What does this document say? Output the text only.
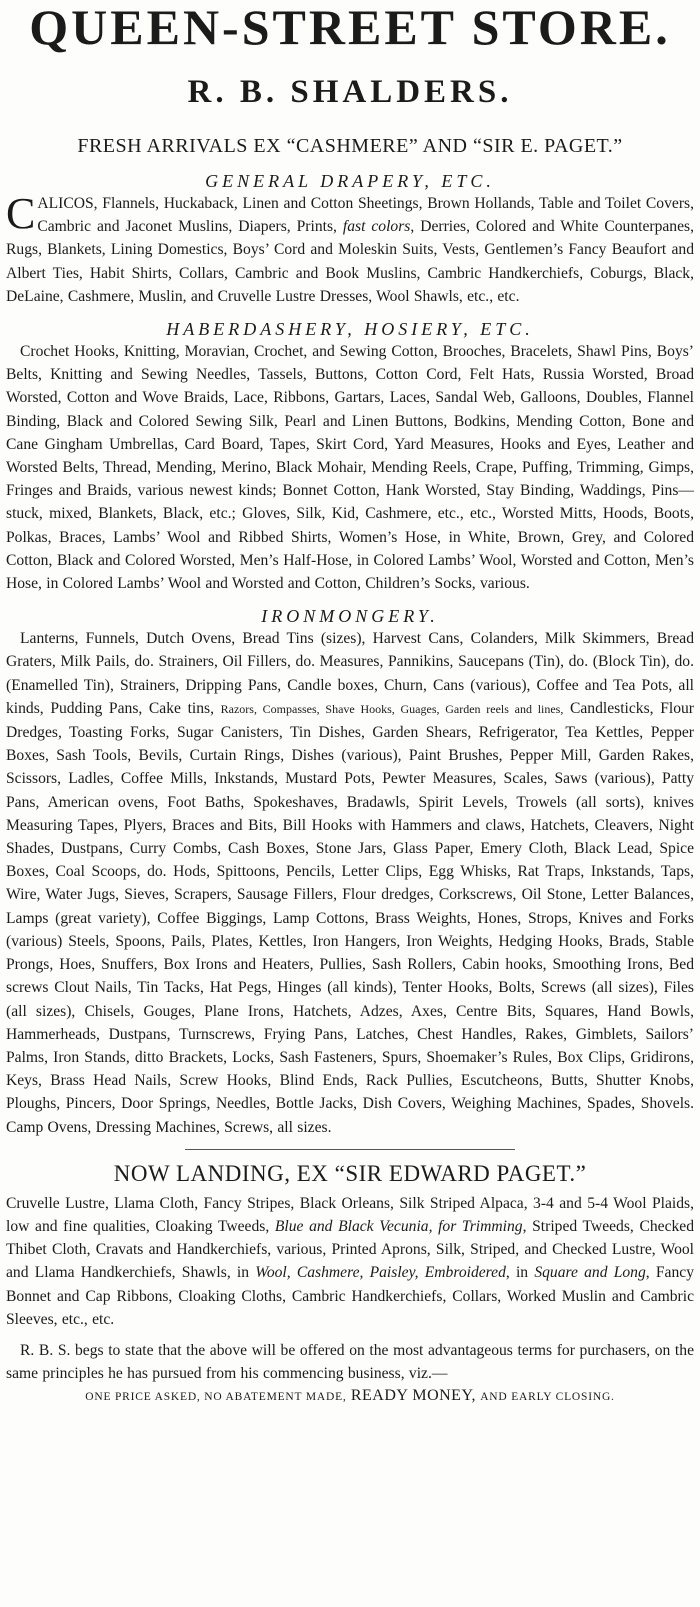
QUEEN-STREET STORE.
R. B. SHALDERS.
FRESH ARRIVALS EX “CASHMERE” AND “SIR E. PAGET.”
GENERAL DRAPERY, ETC.

CALICOS, Flannels, Huckaback, Linen and Cotton Sheetings, Brown Hollands, Table and Toilet Covers, Cambric and Jaconet Muslins, Diapers, Prints, fast colors, Derries, Colored and White Counterpanes, Rugs, Blankets, Lining Domestics, Boys’ Cord and Moleskin Suits, Vests, Gentlemen’s Fancy Beaufort and Albert Ties, Habit Shirts, Collars, Cambric and Book Muslins, Cambric Handkerchiefs, Coburgs, Black, DeLaine, Cashmere, Muslin, and Cruvelle Lustre Dresses, Wool Shawls, etc., etc.

HABERDASHERY, HOSIERY, ETC.

Crochet Hooks, Knitting, Moravian, Crochet, and Sewing Cotton, Brooches, Bracelets, Shawl Pins, Boys’ Belts, Knitting and Sewing Needles, Tassels, Buttons, Cotton Cord, Felt Hats, Russia Worsted, Broad Worsted, Cotton and Wove Braids, Lace, Ribbons, Gartars, Laces, Sandal Web, Galloons, Doubles, Flannel Binding, Black and Colored Sewing Silk, Pearl and Linen Buttons, Bodkins, Mending Cotton, Bone and Cane Gingham Umbrellas, Card Board, Tapes, Skirt Cord, Yard Measures, Hooks and Eyes, Leather and Worsted Belts, Thread, Mending, Merino, Black Mohair, Mending Reels, Crape, Puffing, Trimming, Gimps, Fringes and Braids, various newest kinds; Bonnet Cotton, Hank Worsted, Stay Binding, Waddings, Pins—stuck, mixed, Blankets, Black, etc.; Gloves, Silk, Kid, Cashmere, etc., etc., Worsted Mitts, Hoods, Boots, Polkas, Braces, Lambs’ Wool and Ribbed Shirts, Women’s Hose, in White, Brown, Grey, and Colored Cotton, Black and Colored Worsted, Men’s Half-Hose, in Colored Lambs’ Wool, Worsted and Cotton, Men’s Hose, in Colored Lambs’ Wool and Worsted and Cotton, Children’s Socks, various.

IRONMONGERY.

Lanterns, Funnels, Dutch Ovens, Bread Tins (sizes), Harvest Cans, Colanders, Milk Skimmers, Bread Graters, Milk Pails, do. Strainers, Oil Fillers, do. Measures, Pannikins, Saucepans (Tin), do. (Block Tin), do. (Enamelled Tin), Strainers, Dripping Pans, Candle boxes, Churn, Cans (various), Coffee and Tea Pots, all kinds, Pudding Pans, Cake tins, Razors, Compasses, Shave Hooks, Guages, Garden reels and lines, Candlesticks, Flour Dredges, Toasting Forks, Sugar Canisters, Tin Dishes, Garden Shears, Refrigerator, Tea Kettles, Pepper Boxes, Sash Tools, Bevils, Curtain Rings, Dishes (various), Paint Brushes, Pepper Mill, Garden Rakes, Scissors, Ladles, Coffee Mills, Inkstands, Mustard Pots, Pewter Measures, Scales, Saws (various), Patty Pans, American ovens, Foot Baths, Spokeshaves, Bradawls, Spirit Levels, Trowels (all sorts), knives Measuring Tapes, Plyers, Braces and Bits, Bill Hooks with Hammers and claws, Hatchets, Cleavers, Night Shades, Dustpans, Curry Combs, Cash Boxes, Stone Jars, Glass Paper, Emery Cloth, Black Lead, Spice Boxes, Coal Scoops, do. Hods, Spittoons, Pencils, Letter Clips, Egg Whisks, Rat Traps, Inkstands, Taps, Wire, Water Jugs, Sieves, Scrapers, Sausage Fillers, Flour dredges, Corkscrews, Oil Stone, Letter Balances, Lamps (great variety), Coffee Biggings, Lamp Cottons, Brass Weights, Hones, Strops, Knives and Forks (various) Steels, Spoons, Pails, Plates, Kettles, Iron Hangers, Iron Weights, Hedging Hooks, Brads, Stable Prongs, Hoes, Snuffers, Box Irons and Heaters, Pullies, Sash Rollers, Cabin hooks, Smoothing Irons, Bed screws Clout Nails, Tin Tacks, Hat Pegs, Hinges (all kinds), Tenter Hooks, Bolts, Screws (all sizes), Files (all sizes), Chisels, Gouges, Plane Irons, Hatchets, Adzes, Axes, Centre Bits, Squares, Hand Bowls, Hammerheads, Dustpans, Turnscrews, Frying Pans, Latches, Chest Handles, Rakes, Gimblets, Sailors’ Palms, Iron Stands, ditto Brackets, Locks, Sash Fasteners, Spurs, Shoemaker’s Rules, Box Clips, Gridirons, Keys, Brass Head Nails, Screw Hooks, Blind Ends, Rack Pullies, Escutcheons, Butts, Shutter Knobs, Ploughs, Pincers, Door Springs, Needles, Bottle Jacks, Dish Covers, Weighing Machines, Spades, Shovels. Camp Ovens, Dressing Machines, Screws, all sizes.

NOW LANDING, EX “SIR EDWARD PAGET.”

Cruvelle Lustre, Llama Cloth, Fancy Stripes, Black Orleans, Silk Striped Alpaca, 3-4 and 5-4 Wool Plaids, low and fine qualities, Cloaking Tweeds, Blue and Black Vecunia, for Trimming, Striped Tweeds, Checked Thibet Cloth, Cravats and Handkerchiefs, various, Printed Aprons, Silk, Striped, and Checked Lustre, Wool and Llama Handkerchiefs, Shawls, in Wool, Cashmere, Paisley, Embroidered, in Square and Long, Fancy Bonnet and Cap Ribbons, Cloaking Cloths, Cambric Handkerchiefs, Collars, Worked Muslin and Cambric Sleeves, etc., etc.

R. B. S. begs to state that the above will be offered on the most advantageous terms for purchasers, on the same principles he has pursued from his commencing business, viz.—

ONE PRICE ASKED, NO ABATEMENT MADE, READY MONEY, AND EARLY CLOSING.
